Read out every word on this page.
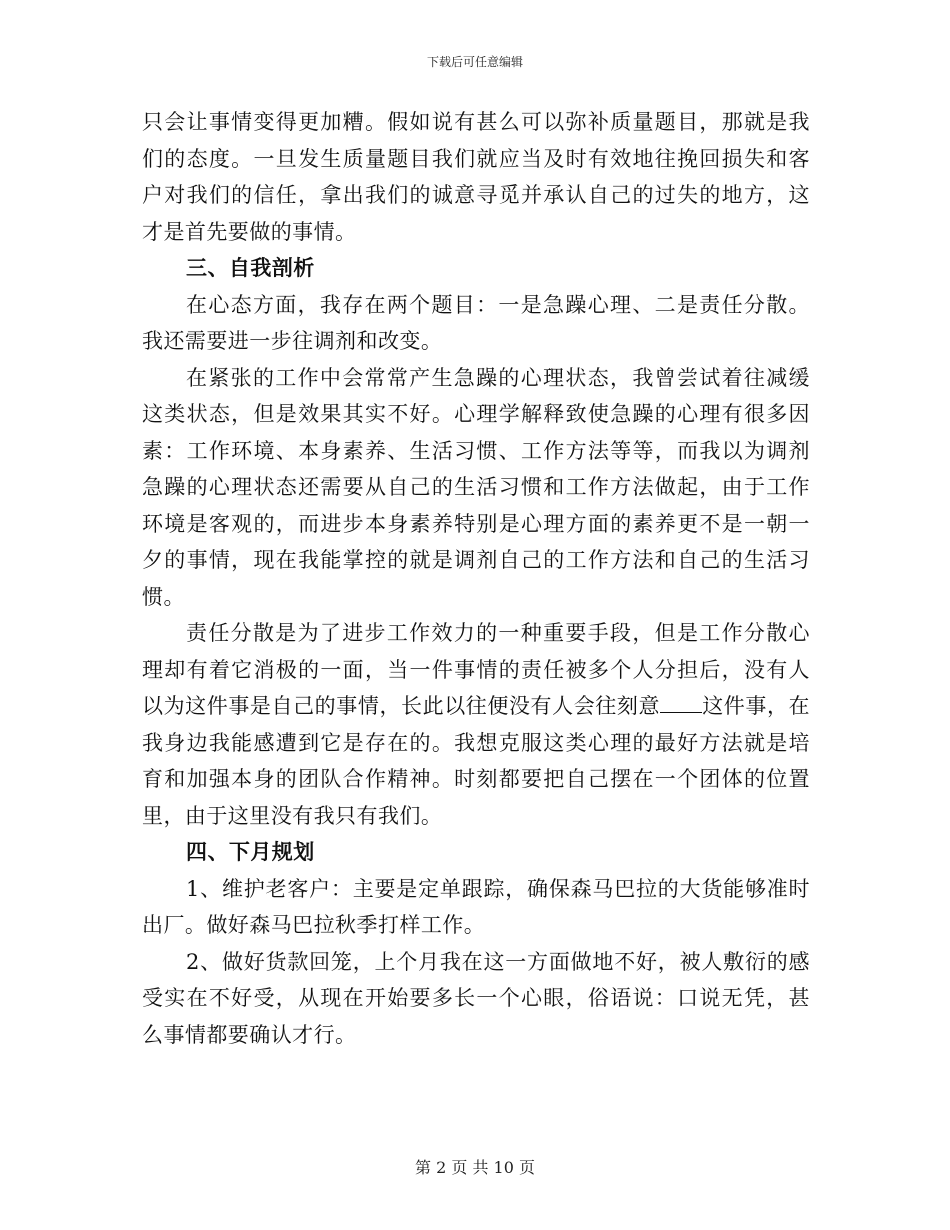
下载后可任意编辑
只会让事情变得更加糟。假如说有甚么可以弥补质量题目，那就是我
们的态度。一旦发生质量题目我们就应当及时有效地往挽回损失和客
户对我们的信任，拿出我们的诚意寻觅并承认自己的过失的地方，这
才是首先要做的事情。
三、自我剖析
在心态方面，我存在两个题目：一是急躁心理、二是责任分散。
我还需要进一步往调剂和改变。
在紧张的工作中会常常产生急躁的心理状态，我曾尝试着往减缓
这类状态，但是效果其实不好。心理学解释致使急躁的心理有很多因
素：工作环境、本身素养、生活习惯、工作方法等等，而我以为调剂
急躁的心理状态还需要从自己的生活习惯和工作方法做起，由于工作
环境是客观的，而进步本身素养特别是心理方面的素养更不是一朝一
夕的事情，现在我能掌控的就是调剂自己的工作方法和自己的生活习
惯。
责任分散是为了进步工作效力的一种重要手段，但是工作分散心
理却有着它消极的一面，当一件事情的责任被多个人分担后，没有人
以为这件事是自己的事情，长此以往便没有人会往刻意 这件事，在
我身边我能感遭到它是存在的。我想克服这类心理的最好方法就是培
育和加强本身的团队合作精神。时刻都要把自己摆在一个团体的位置
里，由于这里没有我只有我们。
四、下月规划
1、维护老客户：主要是定单跟踪，确保森马巴拉的大货能够准时
出厂。做好森马巴拉秋季打样工作。
2、做好货款回笼，上个月我在这一方面做地不好，被人敷衍的感
受实在不好受，从现在开始要多长一个心眼，俗语说：口说无凭，甚
么事情都要确认才行。
第 2 页 共 10 页
